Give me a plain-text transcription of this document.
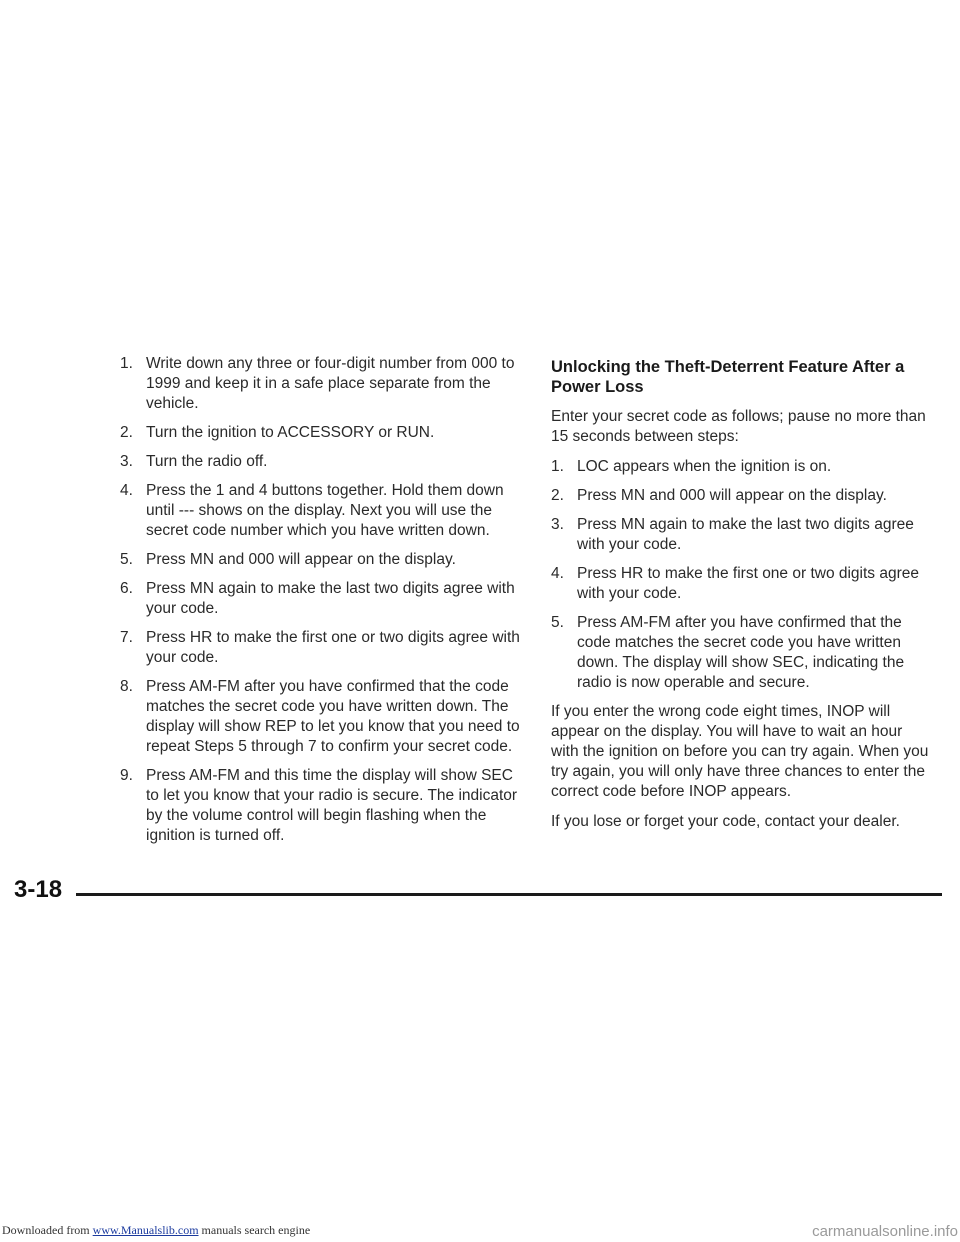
1. Write down any three or four-digit number from 000 to 1999 and keep it in a safe place separate from the vehicle.
2. Turn the ignition to ACCESSORY or RUN.
3. Turn the radio off.
4. Press the 1 and 4 buttons together. Hold them down until --- shows on the display. Next you will use the secret code number which you have written down.
5. Press MN and 000 will appear on the display.
6. Press MN again to make the last two digits agree with your code.
7. Press HR to make the first one or two digits agree with your code.
8. Press AM-FM after you have confirmed that the code matches the secret code you have written down. The display will show REP to let you know that you need to repeat Steps 5 through 7 to confirm your secret code.
9. Press AM-FM and this time the display will show SEC to let you know that your radio is secure. The indicator by the volume control will begin flashing when the ignition is turned off.
Unlocking the Theft-Deterrent Feature After a Power Loss

Enter your secret code as follows; pause no more than 15 seconds between steps:

1. LOC appears when the ignition is on.
2. Press MN and 000 will appear on the display.
3. Press MN again to make the last two digits agree with your code.
4. Press HR to make the first one or two digits agree with your code.
5. Press AM-FM after you have confirmed that the code matches the secret code you have written down. The display will show SEC, indicating the radio is now operable and secure.

If you enter the wrong code eight times, INOP will appear on the display. You will have to wait an hour with the ignition on before you can try again. When you try again, you will only have three chances to enter the correct code before INOP appears.

If you lose or forget your code, contact your dealer.

3-18
Downloaded from www.Manualslib.com manuals search engine	carmanualsonline.info
